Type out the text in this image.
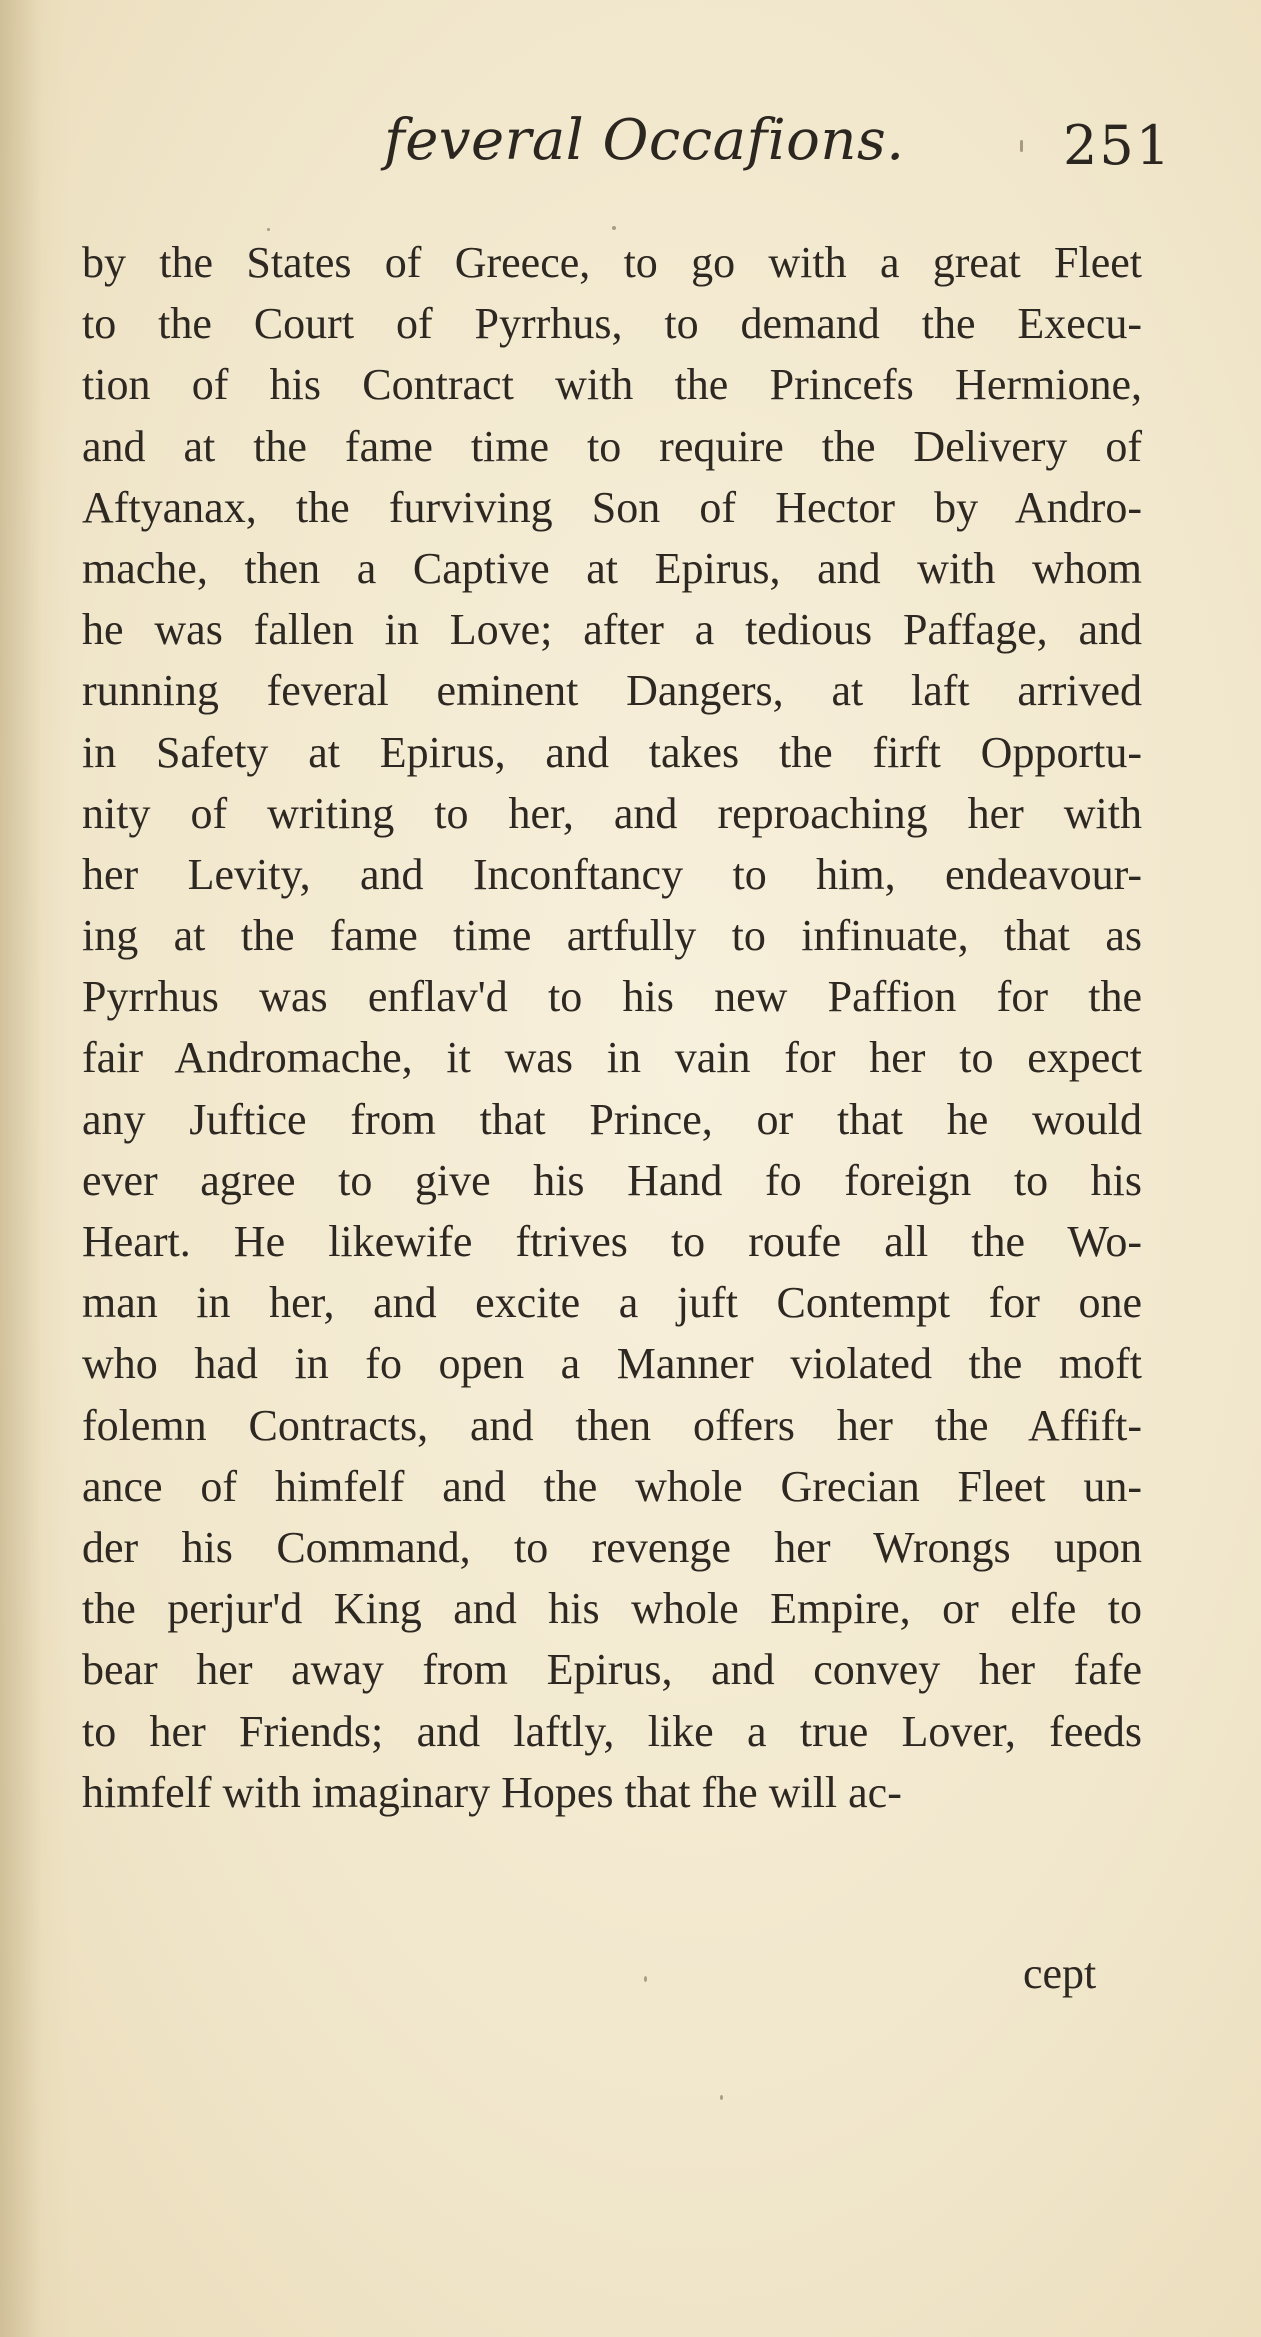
feveral Occafions.	251
by the States of Greece, to go with a great Fleet
to the Court of Pyrrhus, to demand the Execu-
tion of his Contract with the Princefs Hermione,
and at the fame time to require the Delivery of
Aftyanax, the furviving Son of Hector by Andro-
mache, then a Captive at Epirus, and with whom
he was fallen in Love; after a tedious Paffage, and
running feveral eminent Dangers, at laft arrived
in Safety at Epirus, and takes the firft Opportu-
nity of writing to her, and reproaching her with
her Levity, and Inconftancy to him, endeavour-
ing at the fame time artfully to infinuate, that as
Pyrrhus was enflav'd to his new Paffion for the
fair Andromache, it was in vain for her to expect
any Juftice from that Prince, or that he would
ever agree to give his Hand fo foreign to his
Heart. He likewife ftrives to roufe all the Wo-
man in her, and excite a juft Contempt for one
who had in fo open a Manner violated the moft
folemn Contracts, and then offers her the Affift-
ance of himfelf and the whole Grecian Fleet un-
der his Command, to revenge her Wrongs upon
the perjur'd King and his whole Empire, or elfe to
bear her away from Epirus, and convey her fafe
to her Friends; and laftly, like a true Lover, feeds
himfelf with imaginary Hopes that fhe will ac-
cept
